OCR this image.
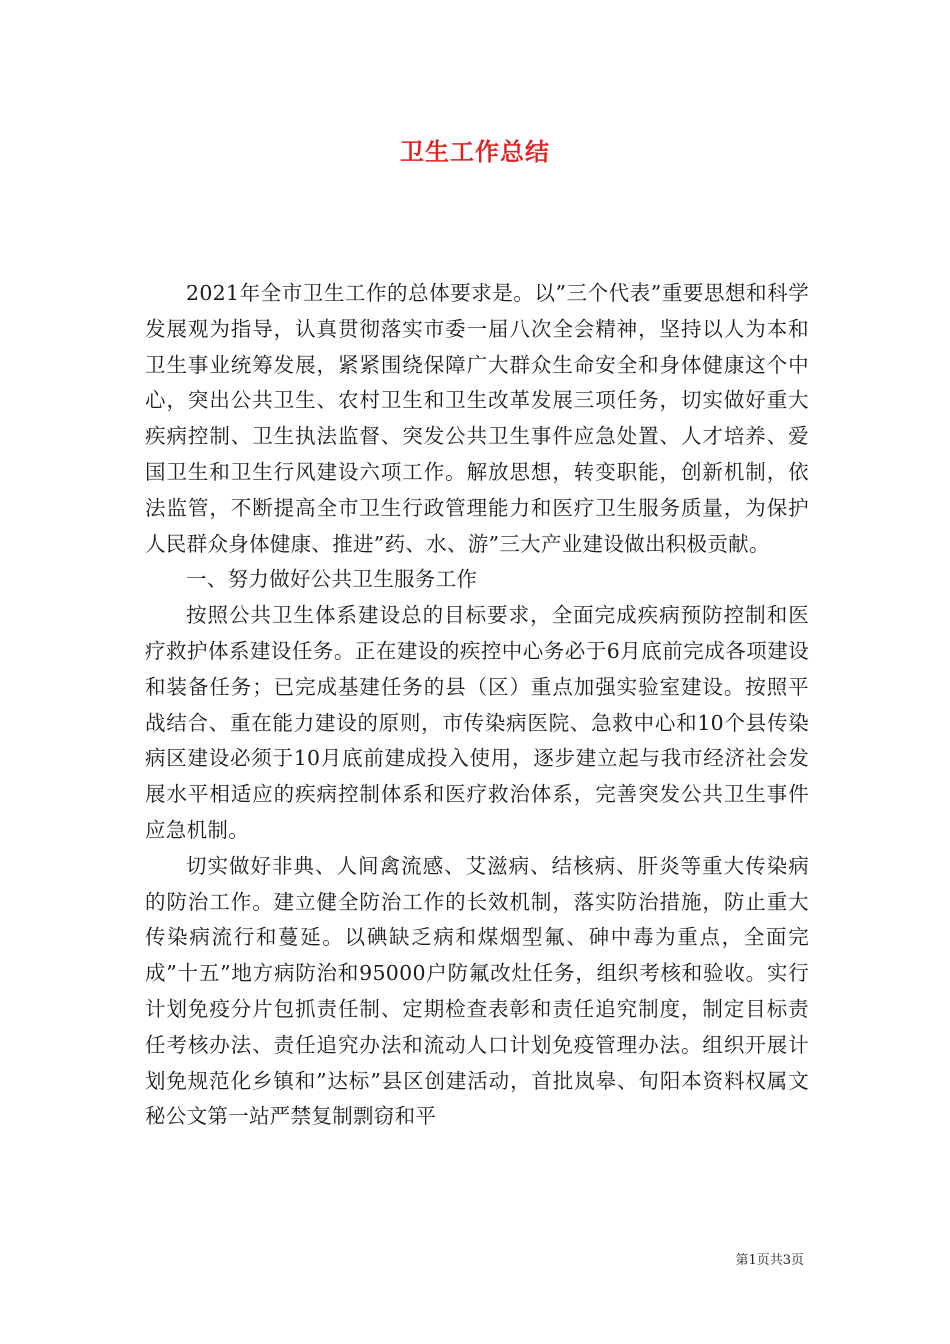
卫生工作总结

2021年全市卫生工作的总体要求是。以”三个代表”重要思想和科学发展观为指导，认真贯彻落实市委一届八次全会精神，坚持以人为本和卫生事业统筹发展，紧紧围绕保障广大群众生命安全和身体健康这个中心，突出公共卫生、农村卫生和卫生改革发展三项任务，切实做好重大疾病控制、卫生执法监督、突发公共卫生事件应急处置、人才培养、爱国卫生和卫生行风建设六项工作。解放思想，转变职能，创新机制，依法监管，不断提高全市卫生行政管理能力和医疗卫生服务质量，为保护人民群众身体健康、推进”药、水、游”三大产业建设做出积极贡献。

一、努力做好公共卫生服务工作

按照公共卫生体系建设总的目标要求，全面完成疾病预防控制和医疗救护体系建设任务。正在建设的疾控中心务必于6月底前完成各项建设和装备任务；已完成基建任务的县（区）重点加强实验室建设。按照平战结合、重在能力建设的原则，市传染病医院、急救中心和10个县传染病区建设必须于10月底前建成投入使用，逐步建立起与我市经济社会发展水平相适应的疾病控制体系和医疗救治体系，完善突发公共卫生事件应急机制。

切实做好非典、人间禽流感、艾滋病、结核病、肝炎等重大传染病的防治工作。建立健全防治工作的长效机制，落实防治措施，防止重大传染病流行和蔓延。以碘缺乏病和煤烟型氟、砷中毒为重点，全面完成”十五”地方病防治和95000户防氟改灶任务，组织考核和验收。实行计划免疫分片包抓责任制、定期检查表彰和责任追究制度，制定目标责任考核办法、责任追究办法和流动人口计划免疫管理办法。组织开展计划免规范化乡镇和”达标”县区创建活动，首批岚皋、旬阳本资料权属文秘公文第一站严禁复制剽窃和平

第1页共3页
